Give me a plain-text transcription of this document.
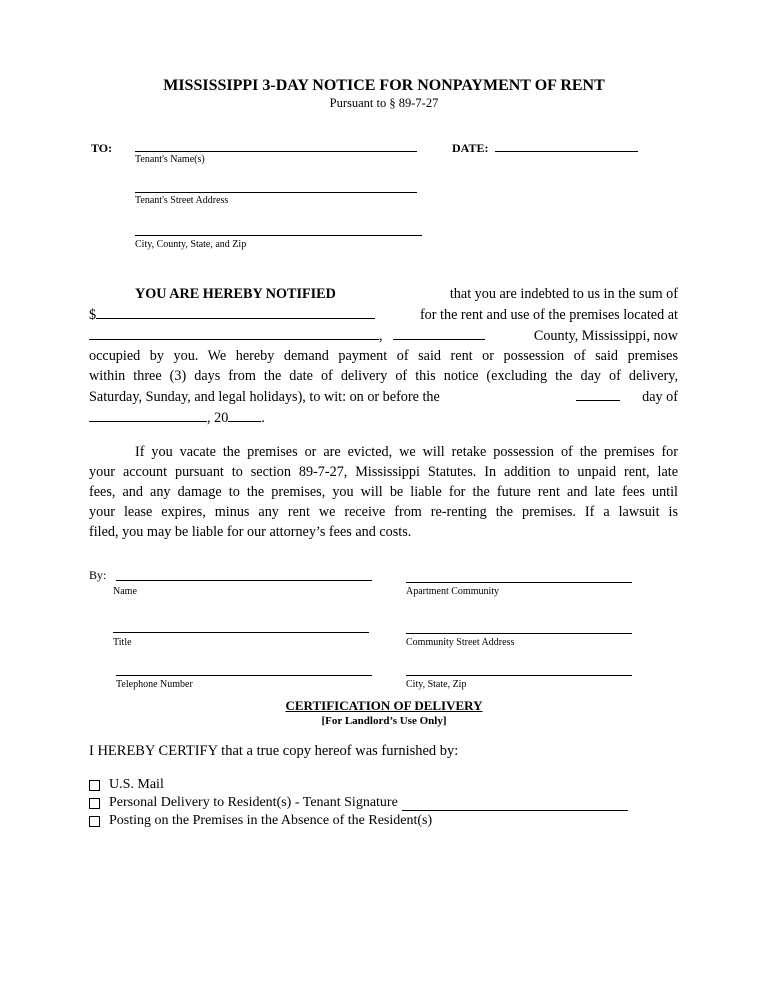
MISSISSIPPI 3-DAY NOTICE FOR NONPAYMENT OF RENT
Pursuant to § 89-7-27
TO:
Tenant's Name(s)
DATE:
Tenant's Street Address
City, County, State, and Zip
YOU ARE HEREBY NOTIFIED	that you are indebted to us in the sum of
$	for the rent and use of the premises located at
,	County, Mississippi, now
occupied by you. We hereby demand payment of said rent or possession of said premises
within three (3) days from the date of delivery of this notice (excluding the day of delivery,
Saturday, Sunday, and legal holidays), to wit: on or before the	day of
, 20 .
If you vacate the premises or are evicted, we will retake possession of the premises for
your account pursuant to section 89-7-27, Mississippi Statutes. In addition to unpaid rent, late
fees, and any damage to the premises, you will be liable for the future rent and late fees until
your lease expires, minus any rent we receive from re-renting the premises. If a lawsuit is
filed, you may be liable for our attorney’s fees and costs.
By:
Name	Apartment Community
Title	Community Street Address
Telephone Number	City, State, Zip
CERTIFICATION OF DELIVERY
[For Landlord’s Use Only]
I HEREBY CERTIFY that a true copy hereof was furnished by:
U.S. Mail
Personal Delivery to Resident(s) - Tenant Signature
Posting on the Premises in the Absence of the Resident(s)
